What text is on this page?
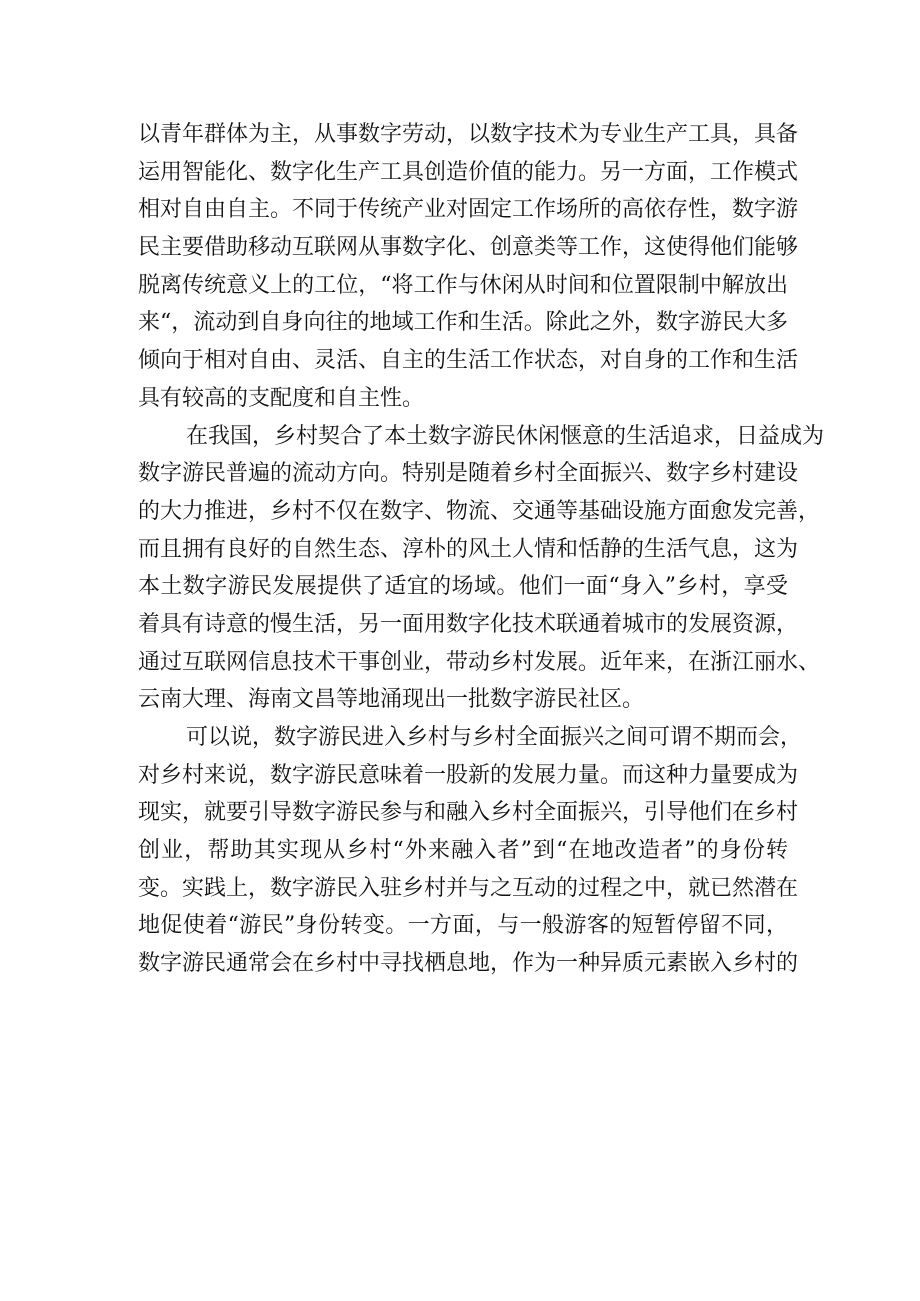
以青年群体为主，从事数字劳动，以数字技术为专业生产工具，具备
运用智能化、数字化生产工具创造价值的能力。另一方面，工作模式
相对自由自主。不同于传统产业对固定工作场所的高依存性，数字游
民主要借助移动互联网从事数字化、创意类等工作，这使得他们能够
脱离传统意义上的工位，“将工作与休闲从时间和位置限制中解放出
来“，流动到自身向往的地域工作和生活。除此之外，数字游民大多
倾向于相对自由、灵活、自主的生活工作状态，对自身的工作和生活
具有较高的支配度和自主性。
在我国，乡村契合了本土数字游民休闲惬意的生活追求，日益成为
数字游民普遍的流动方向。特别是随着乡村全面振兴、数字乡村建设
的大力推进，乡村不仅在数字、物流、交通等基础设施方面愈发完善，
而且拥有良好的自然生态、淳朴的风土人情和恬静的生活气息，这为
本土数字游民发展提供了适宜的场域。他们一面“身入”乡村，享受
着具有诗意的慢生活，另一面用数字化技术联通着城市的发展资源，
通过互联网信息技术干事创业，带动乡村发展。近年来，在浙江丽水、
云南大理、海南文昌等地涌现出一批数字游民社区。
可以说，数字游民进入乡村与乡村全面振兴之间可谓不期而会，
对乡村来说，数字游民意味着一股新的发展力量。而这种力量要成为
现实，就要引导数字游民参与和融入乡村全面振兴，引导他们在乡村
创业，帮助其实现从乡村“外来融入者”到“在地改造者”的身份转
变。实践上，数字游民入驻乡村并与之互动的过程之中，就已然潜在
地促使着“游民”身份转变。一方面，与一般游客的短暂停留不同，
数字游民通常会在乡村中寻找栖息地，作为一种异质元素嵌入乡村的
